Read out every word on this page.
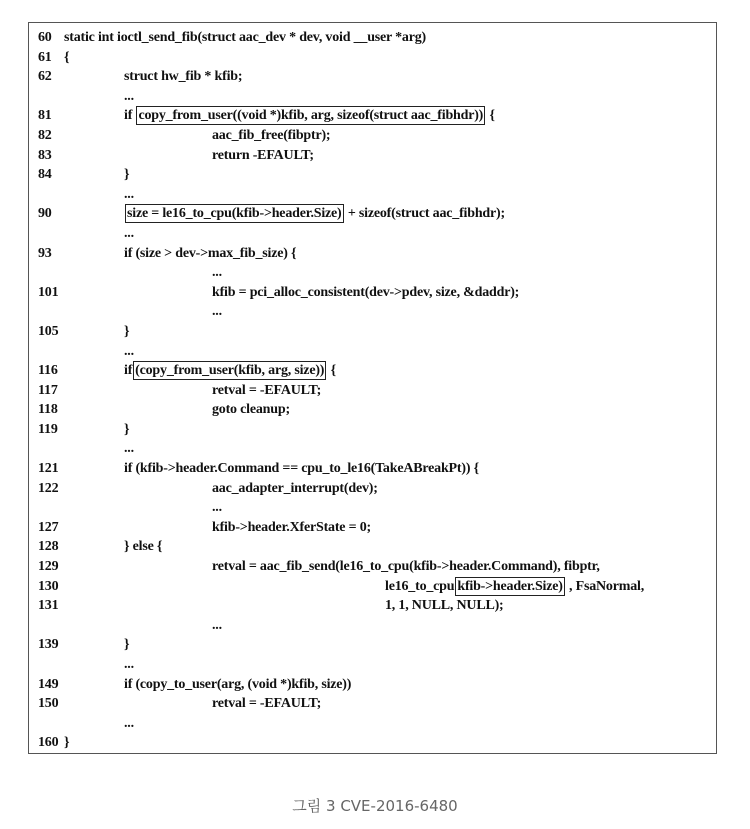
60 static int ioctl_send_fib(struct aac_dev * dev, void __user *arg)
61 {
62	struct hw_fib * kfib;
...
81	if copy_from_user((void *)kfib, arg, sizeof(struct aac_fibhdr)) {
82	aac_fib_free(fibptr);
83	return -EFAULT;
84	}
...
90	size = le16_to_cpu(kfib->header.Size) + sizeof(struct aac_fibhdr);
...
93	if (size > dev->max_fib_size) {
...
101	kfib = pci_alloc_consistent(dev->pdev, size, &daddr);
...
105	}
...
116	if (copy_from_user(kfib, arg, size)) {
117	retval = -EFAULT;
118	goto cleanup;
119	}
...
121	if (kfib->header.Command == cpu_to_le16(TakeABreakPt)) {
122	aac_adapter_interrupt(dev);
...
127	kfib->header.XferState = 0;
128	} else {
129	retval = aac_fib_send(le16_to_cpu(kfib->header.Command), fibptr,
130	le16_to_cpu kfib->header.Size) , FsaNormal,
131	1, 1, NULL, NULL);
...
139	}
...
149	if (copy_to_user(arg, (void *)kfib, size))
150	retval = -EFAULT;
...
160 }
그림 3 CVE-2016-6480
